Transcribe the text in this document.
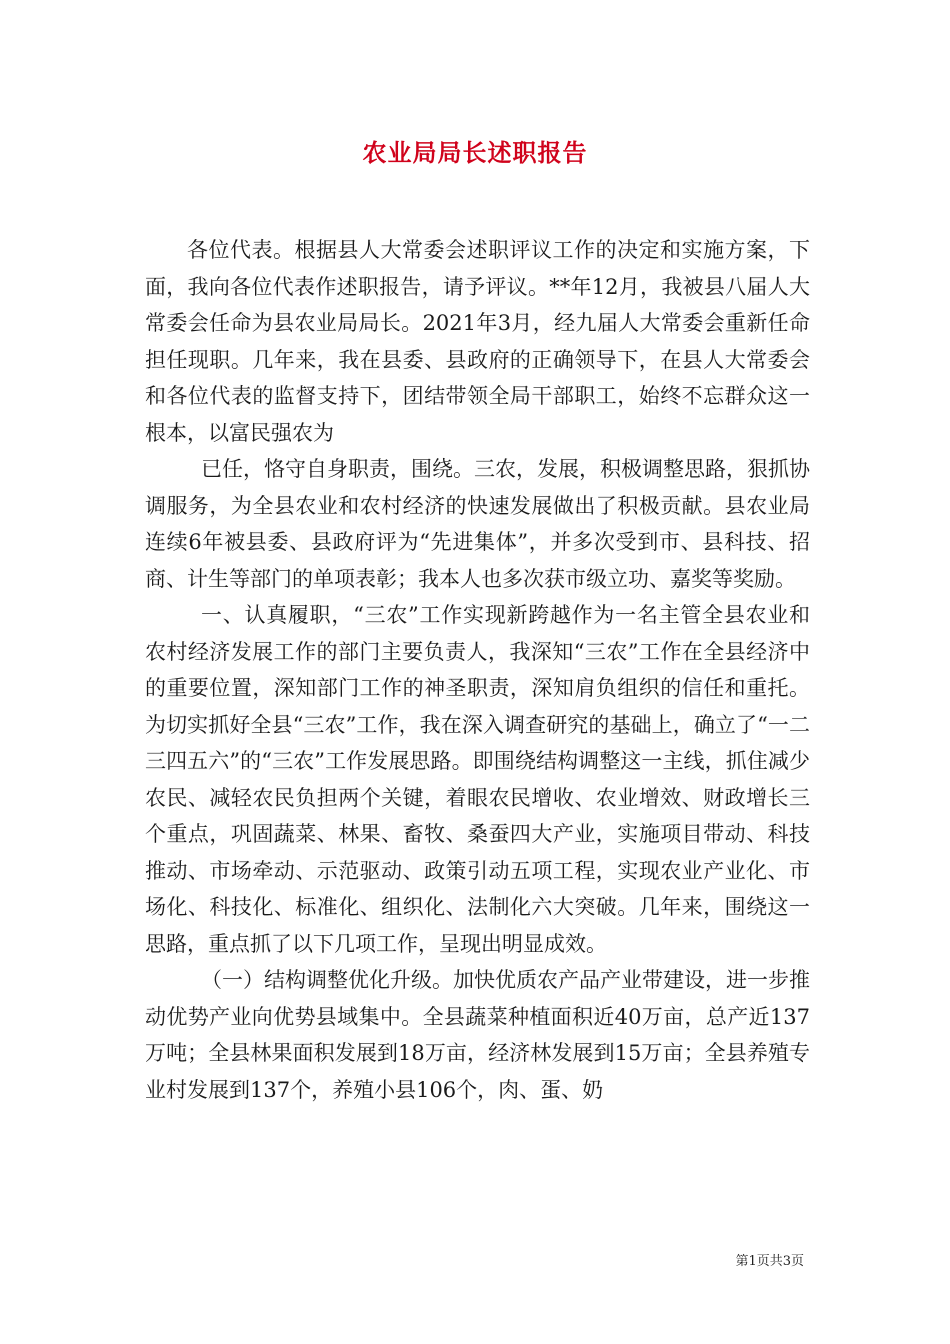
农业局局长述职报告

各位代表。根据县人大常委会述职评议工作的决定和实施方案，下面，我向各位代表作述职报告，请予评议。**年12月，我被县八届人大常委会任命为县农业局局长。2021年3月，经九届人大常委会重新任命担任现职。几年来，我在县委、县政府的正确领导下，在县人大常委会和各位代表的监督支持下，团结带领全局干部职工，始终不忘群众这一根本，以富民强农为

已任，恪守自身职责，围绕。三农，发展，积极调整思路，狠抓协调服务，为全县农业和农村经济的快速发展做出了积极贡献。县农业局连续6年被县委、县政府评为“先进集体”，并多次受到市、县科技、招商、计生等部门的单项表彰；我本人也多次获市级立功、嘉奖等奖励。

一、认真履职，“三农”工作实现新跨越作为一名主管全县农业和农村经济发展工作的部门主要负责人，我深知“三农”工作在全县经济中的重要位置，深知部门工作的神圣职责，深知肩负组织的信任和重托。为切实抓好全县“三农”工作，我在深入调查研究的基础上，确立了“一二三四五六”的“三农”工作发展思路。即围绕结构调整这一主线，抓住减少农民、减轻农民负担两个关键，着眼农民增收、农业增效、财政增长三个重点，巩固蔬菜、林果、畜牧、桑蚕四大产业，实施项目带动、科技推动、市场牵动、示范驱动、政策引动五项工程，实现农业产业化、市场化、科技化、标准化、组织化、法制化六大突破。几年来，围绕这一思路，重点抓了以下几项工作，呈现出明显成效。

（一）结构调整优化升级。加快优质农产品产业带建设，进一步推动优势产业向优势县域集中。全县蔬菜种植面积近40万亩，总产近137万吨；全县林果面积发展到18万亩，经济林发展到15万亩；全县养殖专业村发展到137个，养殖小县106个，肉、蛋、奶

第1页共3页
